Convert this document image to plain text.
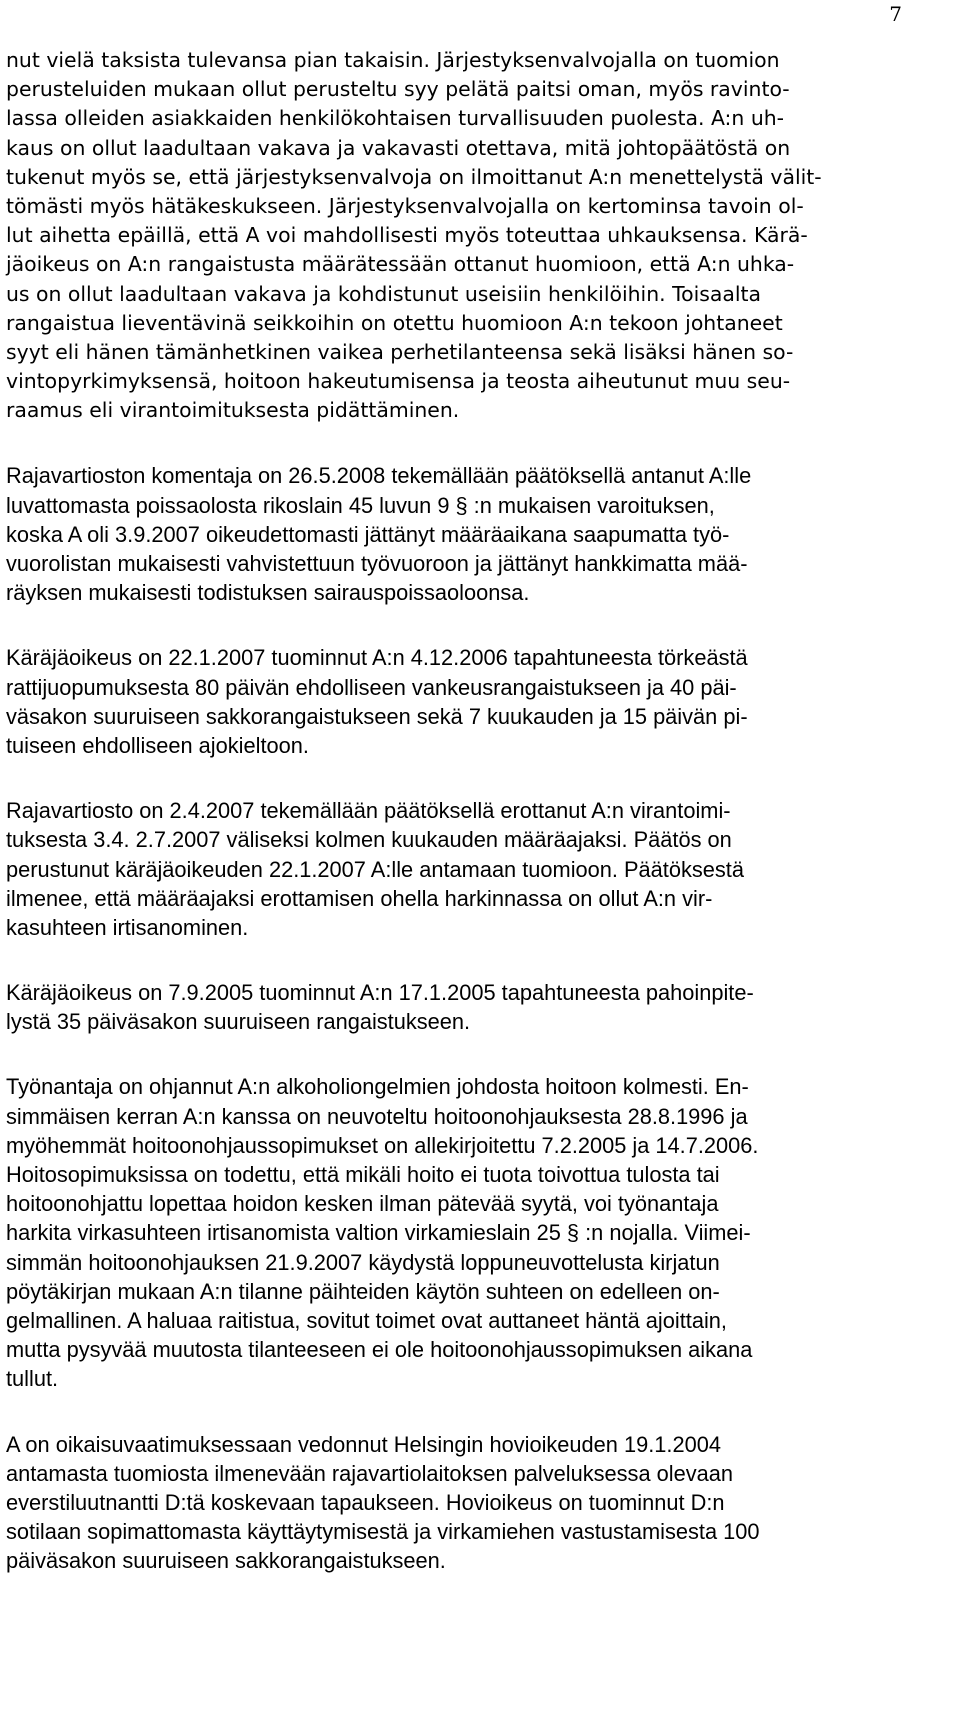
7
nut vielä taksista tulevansa pian takaisin. Järjestyksenvalvojalla on tuomion
perusteluiden mukaan ollut perusteltu syy pelätä paitsi oman, myös ravinto-
lassa olleiden asiakkaiden henkilökohtaisen turvallisuuden puolesta. A:n uh-
kaus on ollut laadultaan vakava ja vakavasti otettava, mitä johtopäätöstä on
tukenut myös se, että järjestyksenvalvoja on ilmoittanut A:n menettelystä välit-
tömästi myös hätäkeskukseen. Järjestyksenvalvojalla on kertominsa tavoin ol-
lut aihetta epäillä, että A voi mahdollisesti myös toteuttaa uhkauksensa. Kärä-
jäoikeus on A:n rangaistusta määrätessään ottanut huomioon, että A:n uhka-
us on ollut laadultaan vakava ja kohdistunut useisiin henkilöihin. Toisaalta
rangaistua lieventävinä seikkoihin on otettu huomioon A:n tekoon johtaneet
syyt eli hänen tämänhetkinen vaikea perhetilanteensa sekä lisäksi hänen so-
vintopyrkimyksensä, hoitoon hakeutumisensa ja teosta aiheutunut muu seu-
raamus eli virantoimituksesta pidättäminen.
Rajavartioston komentaja on 26.5.2008 tekemällään päätöksellä antanut A:lle
luvattomasta poissaolosta rikoslain 45 luvun 9 § :n mukaisen varoituksen,
koska A oli 3.9.2007 oikeudettomasti jättänyt määräaikana saapumatta työ-
vuorolistan mukaisesti vahvistettuun työvuoroon ja jättänyt hankkimatta mää-
räyksen mukaisesti todistuksen sairauspoissaoloonsa.
Käräjäoikeus on 22.1.2007 tuominnut A:n 4.12.2006 tapahtuneesta törkeästä
rattijuopumuksesta 80 päivän ehdolliseen vankeusrangaistukseen ja 40 päi-
väsakon suuruiseen sakkorangaistukseen sekä 7 kuukauden ja 15 päivän pi-
tuiseen ehdolliseen ajokieltoon.
Rajavartiosto on 2.4.2007 tekemällään päätöksellä erottanut A:n virantoimi-
tuksesta 3.4. 2.7.2007 väliseksi kolmen kuukauden määräajaksi. Päätös on
perustunut käräjäoikeuden 22.1.2007 A:lle antamaan tuomioon. Päätöksestä
ilmenee, että määräajaksi erottamisen ohella harkinnassa on ollut A:n vir-
kasuhteen irtisanominen.
Käräjäoikeus on 7.9.2005 tuominnut A:n 17.1.2005 tapahtuneesta pahoinpite-
lystä 35 päiväsakon suuruiseen rangaistukseen.
Työnantaja on ohjannut A:n alkoholiongelmien johdosta hoitoon kolmesti. En-
simmäisen kerran A:n kanssa on neuvoteltu hoitoonohjauksesta 28.8.1996 ja
myöhemmät hoitoonohjaussopimukset on allekirjoitettu 7.2.2005 ja 14.7.2006.
Hoitosopimuksissa on todettu, että mikäli hoito ei tuota toivottua tulosta tai
hoitoonohjattu lopettaa hoidon kesken ilman pätevää syytä, voi työnantaja
harkita virkasuhteen irtisanomista valtion virkamieslain 25 § :n nojalla. Viimei-
simmän hoitoonohjauksen 21.9.2007 käydystä loppuneuvottelusta kirjatun
pöytäkirjan mukaan A:n tilanne päihteiden käytön suhteen on edelleen on-
gelmallinen. A haluaa raitistua, sovitut toimet ovat auttaneet häntä ajoittain,
mutta pysyvää muutosta tilanteeseen ei ole hoitoonohjaussopimuksen aikana
tullut.
A on oikaisuvaatimuksessaan vedonnut Helsingin hovioikeuden 19.1.2004
antamasta tuomiosta ilmenevään rajavartiolaitoksen palveluksessa olevaan
everstiluutnantti D:tä koskevaan tapaukseen. Hovioikeus on tuominnut D:n
sotilaan sopimattomasta käyttäytymisestä ja virkamiehen vastustamisesta 100
päiväsakon suuruiseen sakkorangaistukseen.
